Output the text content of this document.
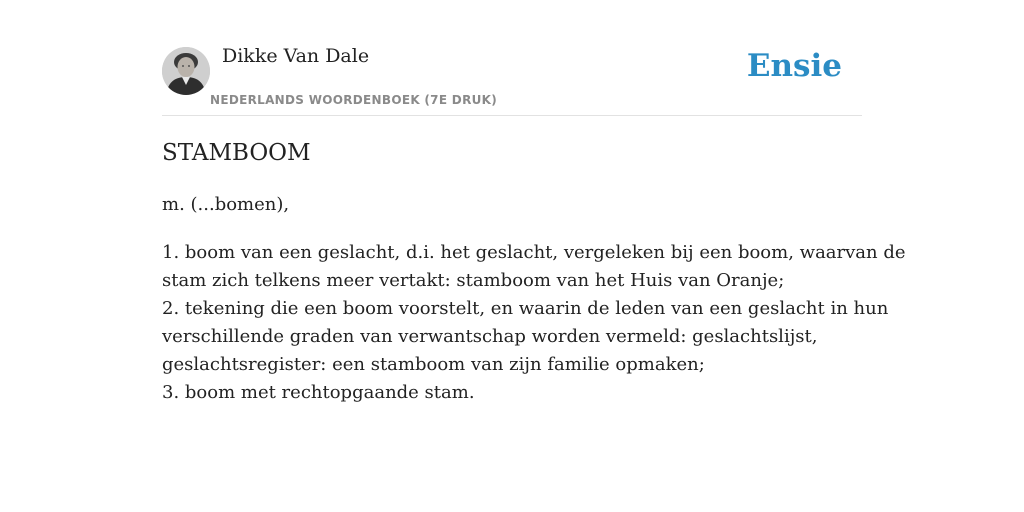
Dikke Van Dale
NEDERLANDS WOORDENBOEK (7E DRUK)
Ensie
STAMBOOM
m. (...bomen),
1. boom van een geslacht, d.i. het geslacht, vergeleken bij een boom, waarvan de
stam zich telkens meer vertakt: stamboom van het Huis van Oranje;
2. tekening die een boom voorstelt, en waarin de leden van een geslacht in hun
verschillende graden van verwantschap worden vermeld: geslachtslijst,
geslachtsregister: een stamboom van zijn familie opmaken;
3. boom met rechtopgaande stam.
